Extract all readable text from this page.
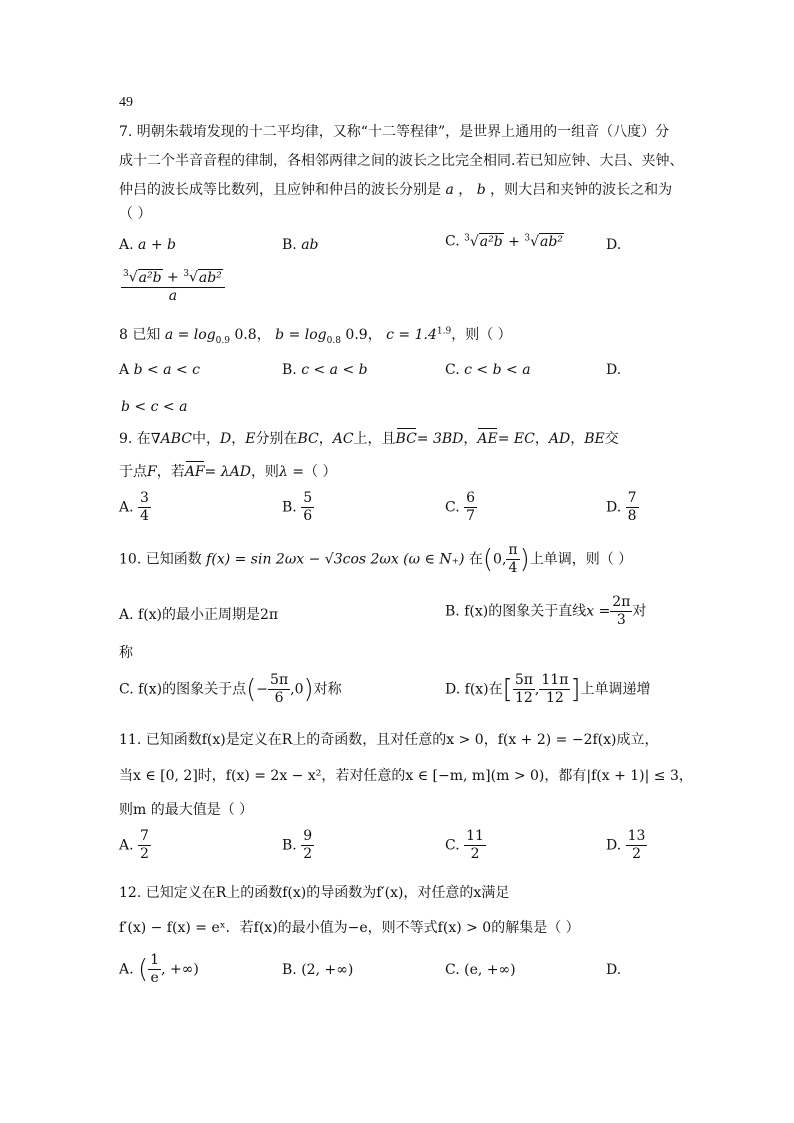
49
7. 明朝朱载堉发现的十二平均律，又称“十二等程律”，是世界上通用的一组音（八度）分
成十二个半音音程的律制，各相邻两律之间的波长之比完全相同.若已知应钟、大吕、夹钟、
仲吕的波长成等比数列，且应钟和仲吕的波长分别是 a ， b ，则大吕和夹钟的波长之和为
（ ）
A. a + b	B. ab	C. $^3$√a²b + $^3$√ab²	D.
$\frac{^3√a^2b + ^3√ab^2}{a}$
8 已知 $a = \log_{0.9} 0.8$， $b = \log_{0.8} 0.9$， $c = 1.4^{1.9}$，则（ ）
A b < a < c	B. c < a < b	C. c < b < a	D.
b < c < a
9. 在∇ABC中，D，E分别在BC，AC上，且BC= 3BD，AE= EC，AD，BE交
于点F，若AF= λAD，则λ =（ ）
A. $\frac{3}{4}$	B. $\frac{5}{6}$	C. $\frac{6}{7}$	D. $\frac{7}{8}$
10. 已知函数 f(x) = sin 2ωx − √3cos 2ωx (ω ∈ N₊) 在(0, $\frac{\pi}{4}$ )上单调，则（ ）
A. f(x)的最小正周期是2π	B. f(x)的图象关于直线$x = \frac{2\pi}{3}$ 对
称
C. f(x)的图象关于点(− $\frac{5\pi}{6} ,0$)对称	D. f(x)在[ $\frac{5\pi}{12}$ , $\frac{11\pi}{12}$ ]上单调递增
11. 已知函数f(x)是定义在R上的奇函数，且对任意的x > 0，f(x + 2) = −2f(x)成立，
当x ∈ [0, 2]时，f(x) = 2x − x²，若对任意的x ∈ [−m, m](m > 0)，都有|f(x + 1)| ≤ 3，
则m 的最大值是（ ）
A. $\frac{7}{2}$	B. $\frac{9}{2}$	C. $\frac{11}{2}$	D. $\frac{13}{2}$
12. 已知定义在R上的函数f(x)的导函数为f′(x)，对任意的x满足
f′(x) − f(x) = eˣ．若f(x)的最小值为−e，则不等式f(x) > 0的解集是（ ）
A. ( $\frac{1}{e}$ , +∞)	B. (2, +∞)	C. (e, +∞)	D.
